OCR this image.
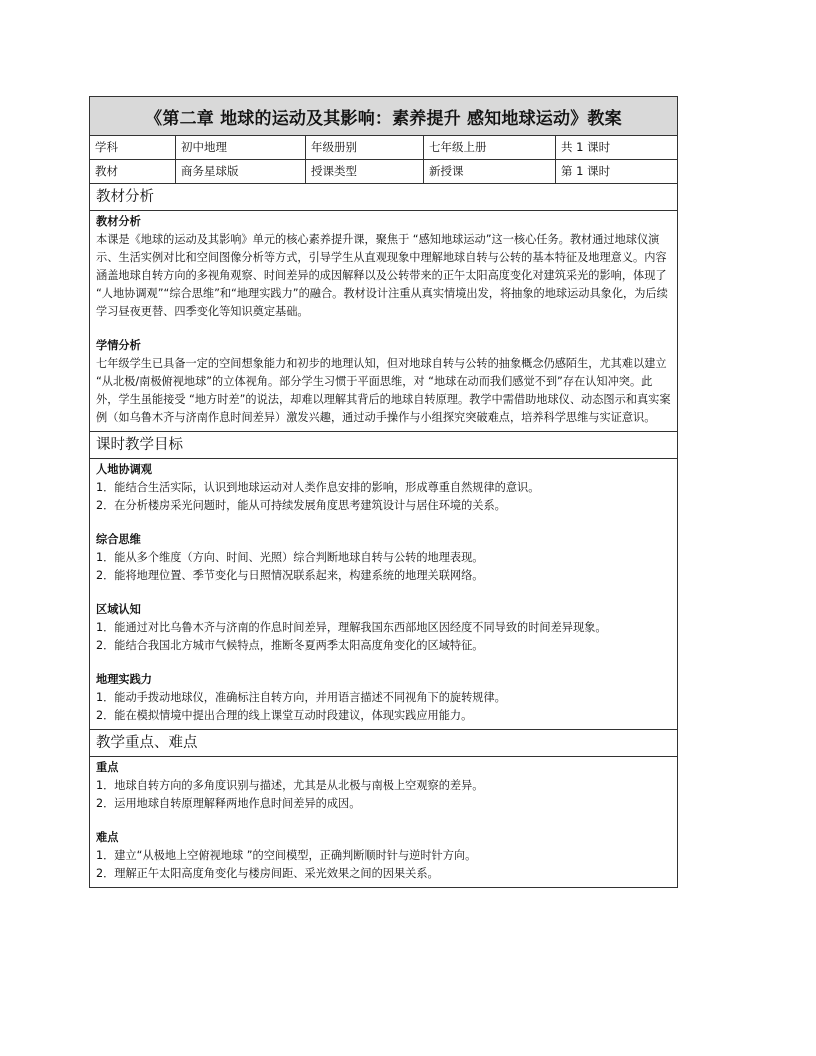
《第二章 地球的运动及其影响：素养提升 感知地球运动》教案
学科	初中地理	年级册别	七年级上册	共 1 课时
教材	商务星球版	授课类型	新授课	第 1 课时
教材分析
教材分析

本课是《地球的运动及其影响》单元的核心素养提升课，聚焦于 “感知地球运动”这一核心任务。教材通过地球仪演示、生活实例对比和空间图像分析等方式，引导学生从直观现象中理解地球自转与公转的基本特征及地理意义。内容涵盖地球自转方向的多视角观察、时间差异的成因解释以及公转带来的正午太阳高度变化对建筑采光的影响，体现了 “人地协调观”“综合思维”和“地理实践力”的融合。教材设计注重从真实情境出发，将抽象的地球运动具象化，为后续学习昼夜更替、四季变化等知识奠定基础。

学情分析

七年级学生已具备一定的空间想象能力和初步的地理认知，但对地球自转与公转的抽象概念仍感陌生，尤其难以建立 “从北极/南极俯视地球”的立体视角。部分学生习惯于平面思维，对 “地球在动而我们感觉不到”存在认知冲突。此外，学生虽能接受 “地方时差”的说法，却难以理解其背后的地球自转原理。教学中需借助地球仪、动态图示和真实案例（如乌鲁木齐与济南作息时间差异）激发兴趣，通过动手操作与小组探究突破难点，培养科学思维与实证意识。

课时教学目标
人地协调观

1．能结合生活实际，认识到地球运动对人类作息安排的影响，形成尊重自然规律的意识。

2．在分析楼房采光问题时，能从可持续发展角度思考建筑设计与居住环境的关系。

综合思维

1．能从多个维度（方向、时间、光照）综合判断地球自转与公转的地理表现。

2．能将地理位置、季节变化与日照情况联系起来，构建系统的地理关联网络。

区域认知

1．能通过对比乌鲁木齐与济南的作息时间差异，理解我国东西部地区因经度不同导致的时间差异现象。

2．能结合我国北方城市气候特点，推断冬夏两季太阳高度角变化的区域特征。

地理实践力

1．能动手拨动地球仪，准确标注自转方向，并用语言描述不同视角下的旋转规律。

2．能在模拟情境中提出合理的线上课堂互动时段建议，体现实践应用能力。

教学重点、难点
重点

1．地球自转方向的多角度识别与描述，尤其是从北极与南极上空观察的差异。

2．运用地球自转原理解释两地作息时间差异的成因。

难点

1．建立“从极地上空俯视地球 ”的空间模型，正确判断顺时针与逆时针方向。

2．理解正午太阳高度角变化与楼房间距、采光效果之间的因果关系。
